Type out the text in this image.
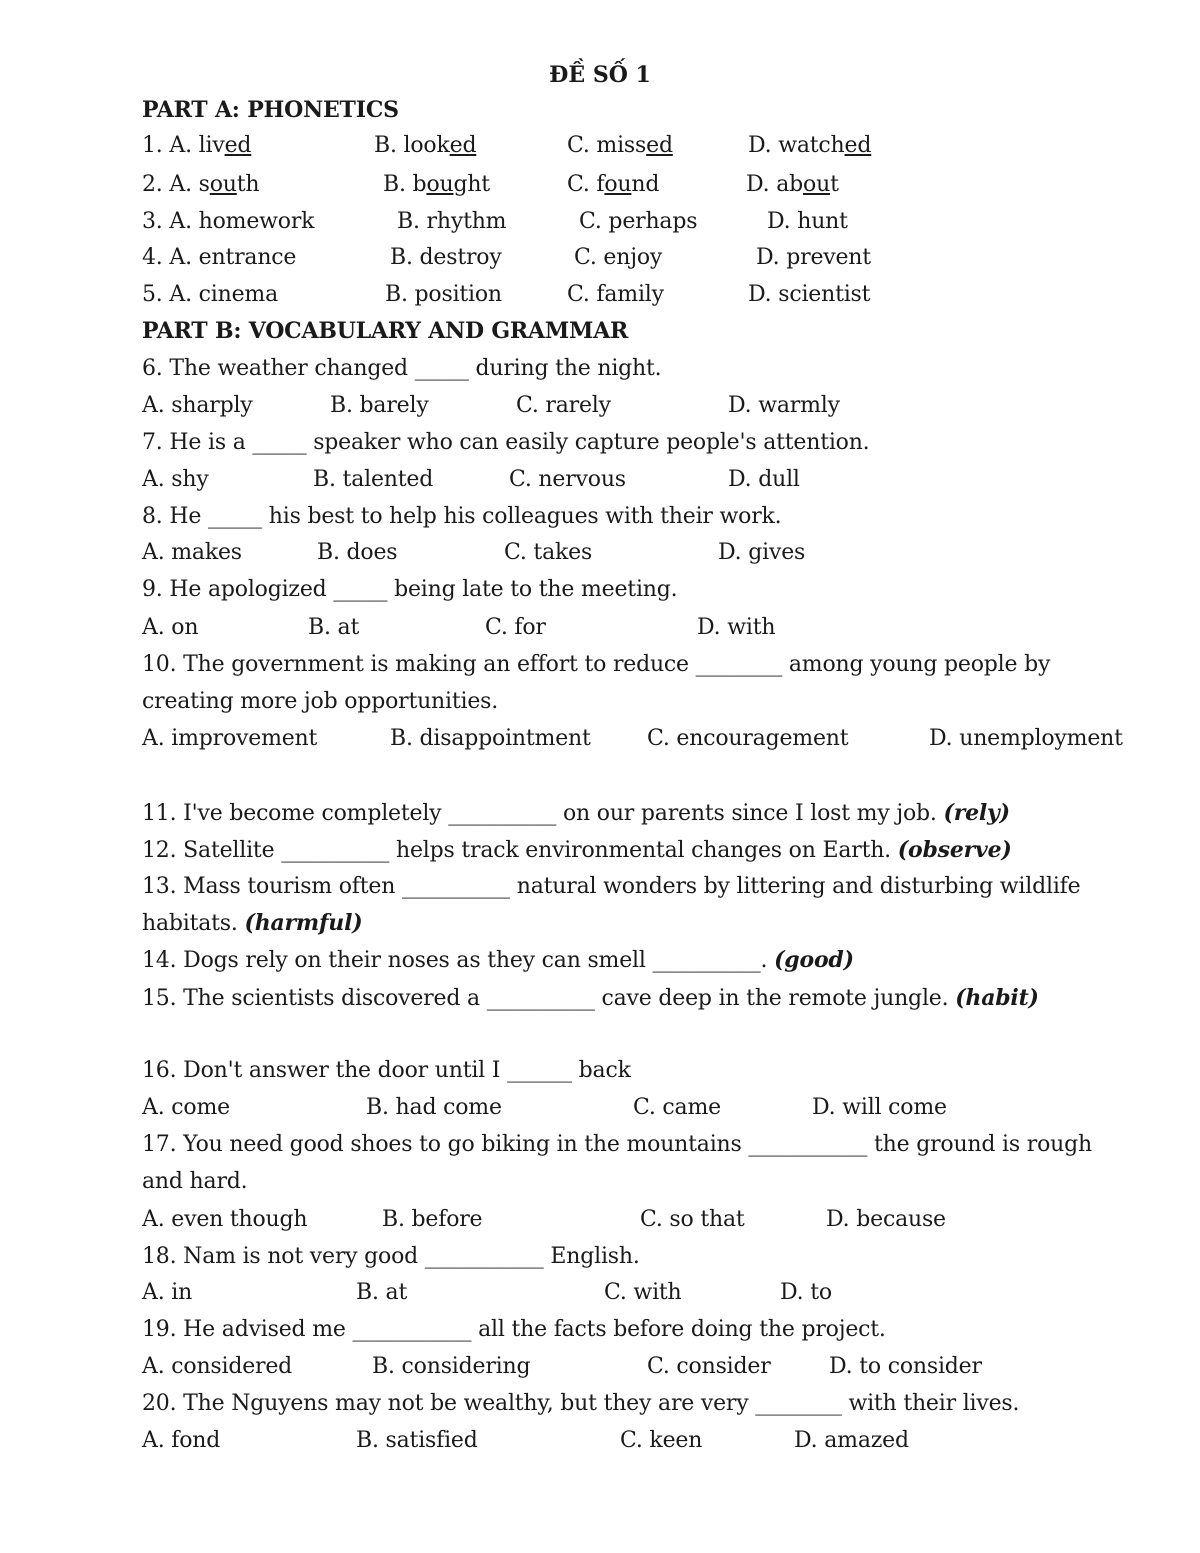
ĐỀ SỐ 1
PART A: PHONETICS
1. A. lived	B. looked	C. missed	D. watched
2. A. south	B. bought	C. found	D. about
3. A. homework	B. rhythm	C. perhaps	D. hunt
4. A. entrance	B. destroy	C. enjoy	D. prevent
5. A. cinema	B. position	C. family	D. scientist
PART B: VOCABULARY AND GRAMMAR
6. The weather changed _____ during the night.
A. sharply	B. barely	C. rarely	D. warmly
7. He is a _____ speaker who can easily capture people's attention.
A. shy	B. talented	C. nervous	D. dull
8. He _____ his best to help his colleagues with their work.
A. makes	B. does	C. takes	D. gives
9. He apologized _____ being late to the meeting.
A. on	B. at	C. for	D. with
10. The government is making an effort to reduce ________ among young people by
creating more job opportunities.
A. improvement	B. disappointment	C. encouragement	D. unemployment
11. I've become completely __________ on our parents since I lost my job. (rely)
12. Satellite __________ helps track environmental changes on Earth. (observe)
13. Mass tourism often __________ natural wonders by littering and disturbing wildlife
habitats. (harmful)
14. Dogs rely on their noses as they can smell __________. (good)
15. The scientists discovered a __________ cave deep in the remote jungle. (habit)
16. Don't answer the door until I ______ back
A. come	B. had come	C. came	D. will come
17. You need good shoes to go biking in the mountains ___________ the ground is rough
and hard.
A. even though	B. before	C. so that	D. because
18. Nam is not very good ___________ English.
A. in	B. at	C. with	D. to
19. He advised me ___________ all the facts before doing the project.
A. considered	B. considering	C. consider	D. to consider
20. The Nguyens may not be wealthy, but they are very ________ with their lives.
A. fond	B. satisfied	C. keen	D. amazed
